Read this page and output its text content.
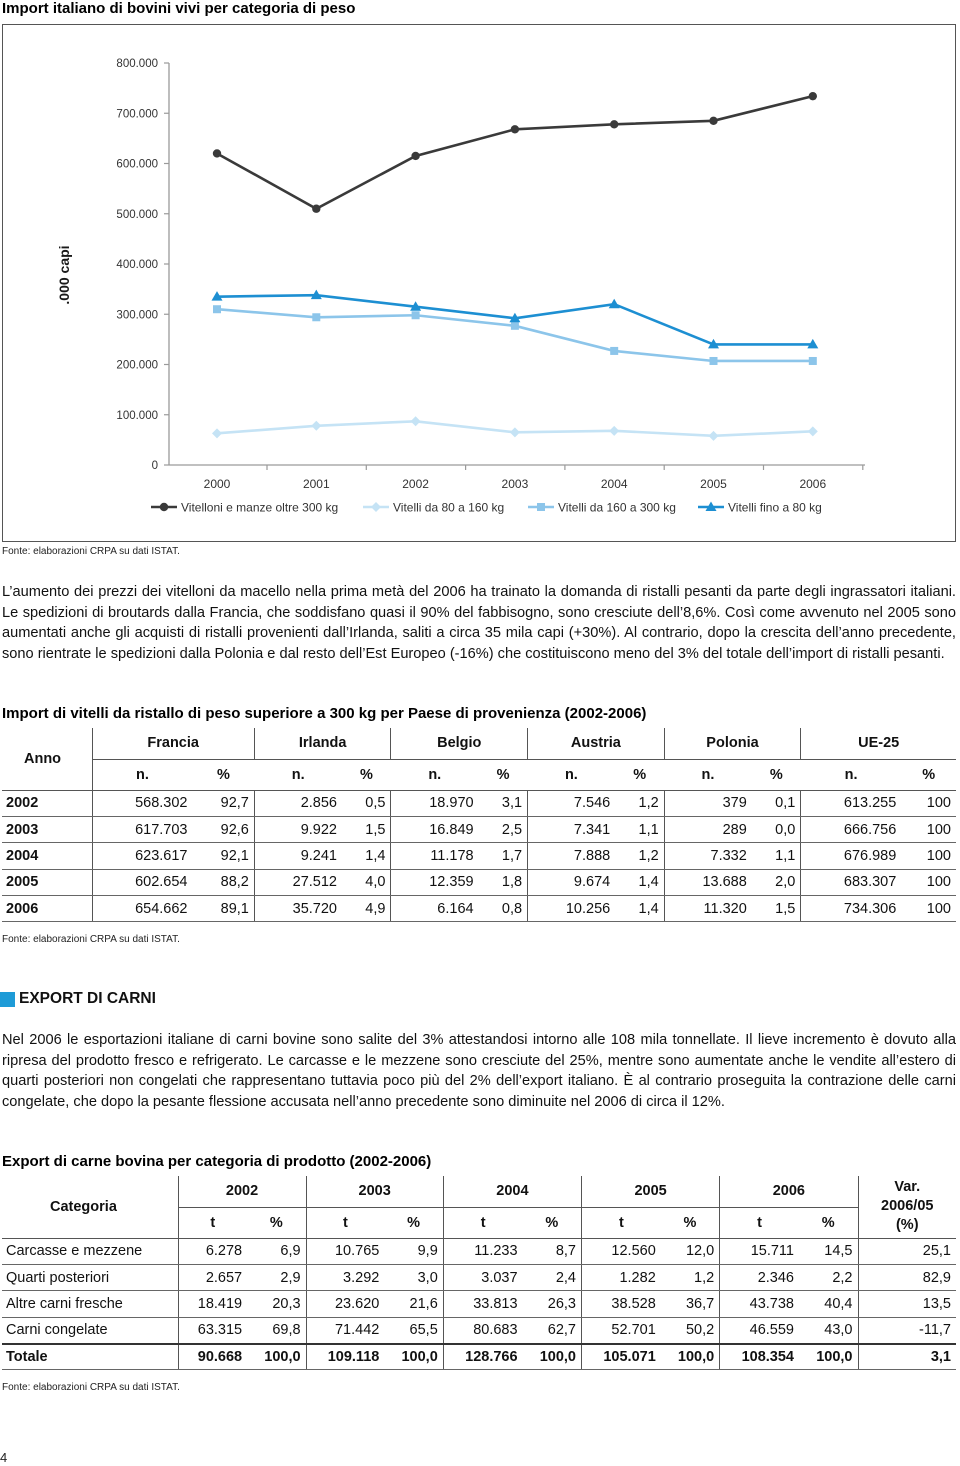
Import italiano di bovini vivi per categoria di peso
0
100.000
200.000
300.000
400.000
500.000
600.000
700.000
800.000
2000	2001	2002	2003	2004	2005	2006
.000 capi
Vitelloni e manze oltre 300 kg	Vitelli da 80 a 160 kg	Vitelli da 160 a 300 kg	Vitelli fino a 80 kg
Fonte: elaborazioni CRPA su dati ISTAT.
L’aumento dei prezzi dei vitelloni da macello nella prima metà del 2006 ha trainato la domanda di ristalli pesanti da parte degli ingrassatori italiani. Le spedizioni di broutards dalla Francia, che soddisfano quasi il 90% del fabbisogno, sono cresciute dell’8,6%. Così come avvenuto nel 2005 sono aumentati anche gli acquisti di ristalli provenienti dall’Irlanda, saliti a circa 35 mila capi (+30%). Al contrario, dopo la crescita dell’anno precedente, sono rientrate le spedizioni dalla Polonia e dal resto dell’Est Europeo (-16%) che costituiscono meno del 3% del totale dell’import di ristalli pesanti.
Import di vitelli da ristallo di peso superiore a 300 kg per Paese di provenienza (2002-2006)
Anno	Francia		Irlanda		Belgio		Austria		Polonia		UE-25	
	n.	%	n.	%	n.	%	n.	%	n.	%	n.	%
2002	568.302	92,7	2.856	0,5	18.970	3,1	7.546	1,2	379	0,1	613.255	100
2003	617.703	92,6	9.922	1,5	16.849	2,5	7.341	1,1	289	0,0	666.756	100
2004	623.617	92,1	9.241	1,4	11.178	1,7	7.888	1,2	7.332	1,1	676.989	100
2005	602.654	88,2	27.512	4,0	12.359	1,8	9.674	1,4	13.688	2,0	683.307	100
2006	654.662	89,1	35.720	4,9	6.164	0,8	10.256	1,4	11.320	1,5	734.306	100
Fonte: elaborazioni CRPA su dati ISTAT.
EXPORT DI CARNI
Nel 2006 le esportazioni italiane di carni bovine sono salite del 3% attestandosi intorno alle 108 mila tonnellate. Il lieve incremento è dovuto alla ripresa del prodotto fresco e refrigerato. Le carcasse e le mezzene sono cresciute del 25%, mentre sono aumentate anche le vendite all’estero di quarti posteriori non congelati che rappresentano tuttavia poco più del 2% dell’export italiano. È al contrario proseguita la contrazione delle carni congelate, che dopo la pesante flessione accusata nell’anno precedente sono diminuite nel 2006 di circa il 12%.
Export di carne bovina per categoria di prodotto (2002-2006)
Categoria	2002		2003		2004		2005		2006		Var.
2006/05
(%)

	t	%	t	%	t	%	t	%	t	%	
Carcasse e mezzene	6.278	6,9	10.765	9,9	11.233	8,7	12.560	12,0	15.711	14,5	25,1
Quarti posteriori	2.657	2,9	3.292	3,0	3.037	2,4	1.282	1,2	2.346	2,2	82,9
Altre carni fresche	18.419	20,3	23.620	21,6	33.813	26,3	38.528	36,7	43.738	40,4	13,5
Carni congelate	63.315	69,8	71.442	65,5	80.683	62,7	52.701	50,2	46.559	43,0	-11,7
Totale	90.668	100,0	109.118	100,0	128.766	100,0	105.071	100,0	108.354	100,0	3,1
Fonte: elaborazioni CRPA su dati ISTAT.
4
